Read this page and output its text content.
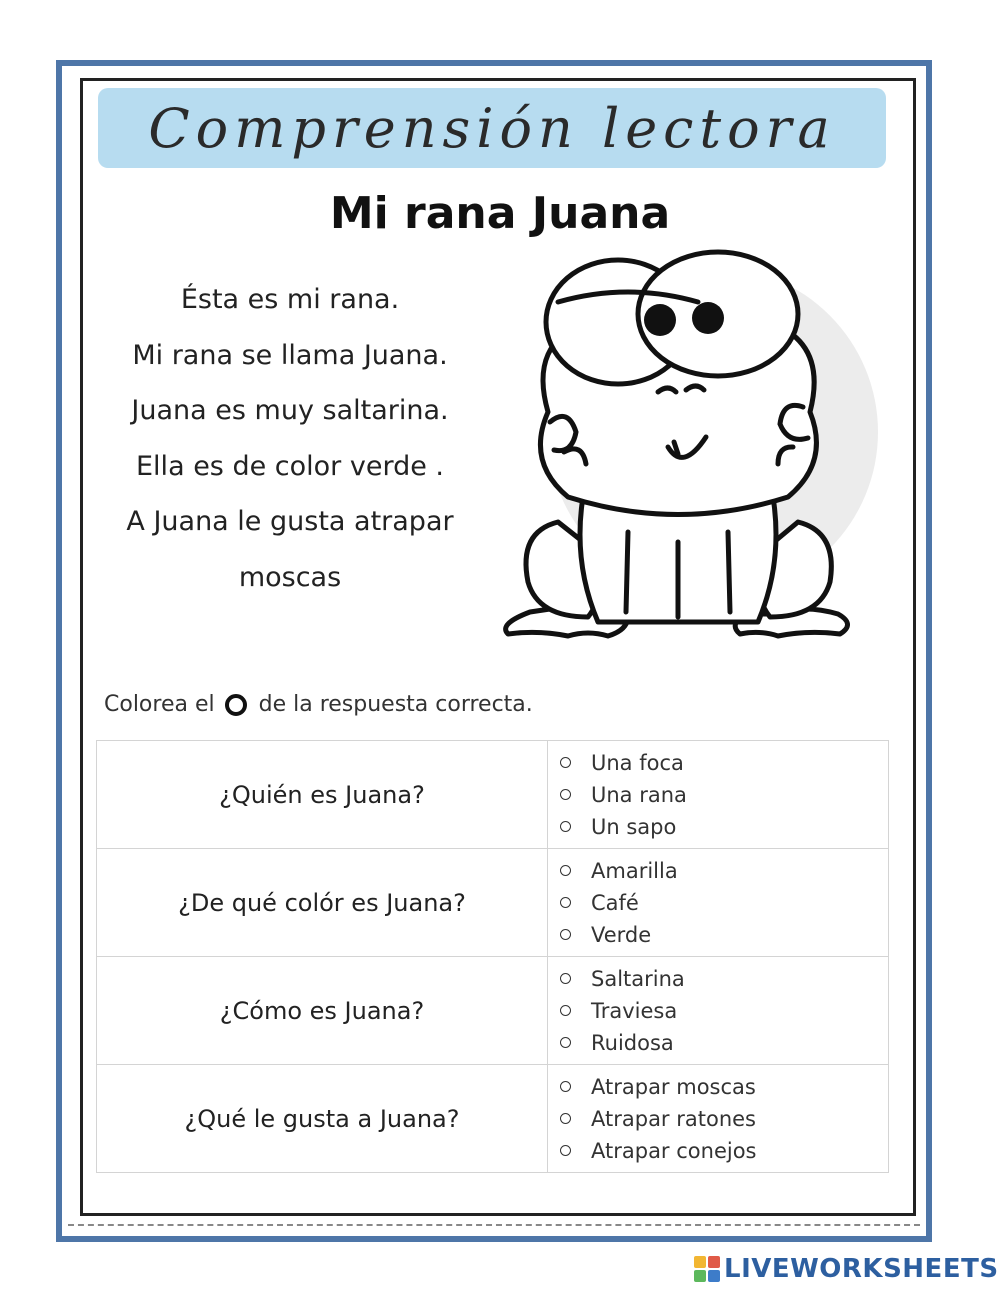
Comprensión lectora
Mi rana Juana
Ésta es mi rana.
Mi rana se llama Juana.
Juana es muy saltarina.
Ella es de color verde .
A Juana le gusta atrapar
moscas
Colorea el de la respuesta correcta.
¿Quién es Juana?	Una foca
Una rana
Un sapo

¿De qué colór es Juana?	Amarilla
Café
Verde

¿Cómo es Juana?	Saltarina
Traviesa
Ruidosa

¿Qué le gusta a Juana?	Atrapar moscas
Atrapar ratones
Atrapar conejos
LIVEWORKSHEETS
